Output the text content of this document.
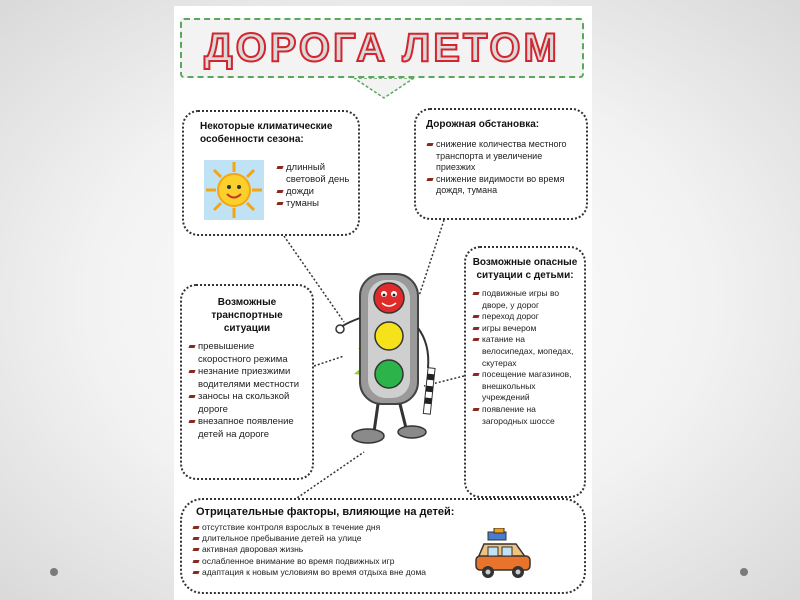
ДОРОГА ЛЕТОМ
Некоторые климатические особенности сезона:
длинный световой день
дожди
туманы
Дорожная обстановка:
снижение количества местного транспорта и увеличение приезжих
снижение видимости во время дождя, тумана
Возможные транспортные ситуации
превышение скоростного режима
незнание приезжими водителями местности
заносы на скользкой дороге
внезапное появление детей на дороге
Возможные опасные ситуации с детьми:
подвижные игры во дворе, у дорог
переход дорог
игры вечером
катание на велосипедах, мопедах, скутерах
посещение магазинов, внешкольных учреждений
появление на загородных шоссе
Отрицательные факторы, влияющие на детей:
отсутствие контроля взрослых в течение дня
длительное пребывание детей на улице
активная дворовая жизнь
ослабленное внимание во время подвижных игр
адаптация к новым условиям во время отдыха вне дома
